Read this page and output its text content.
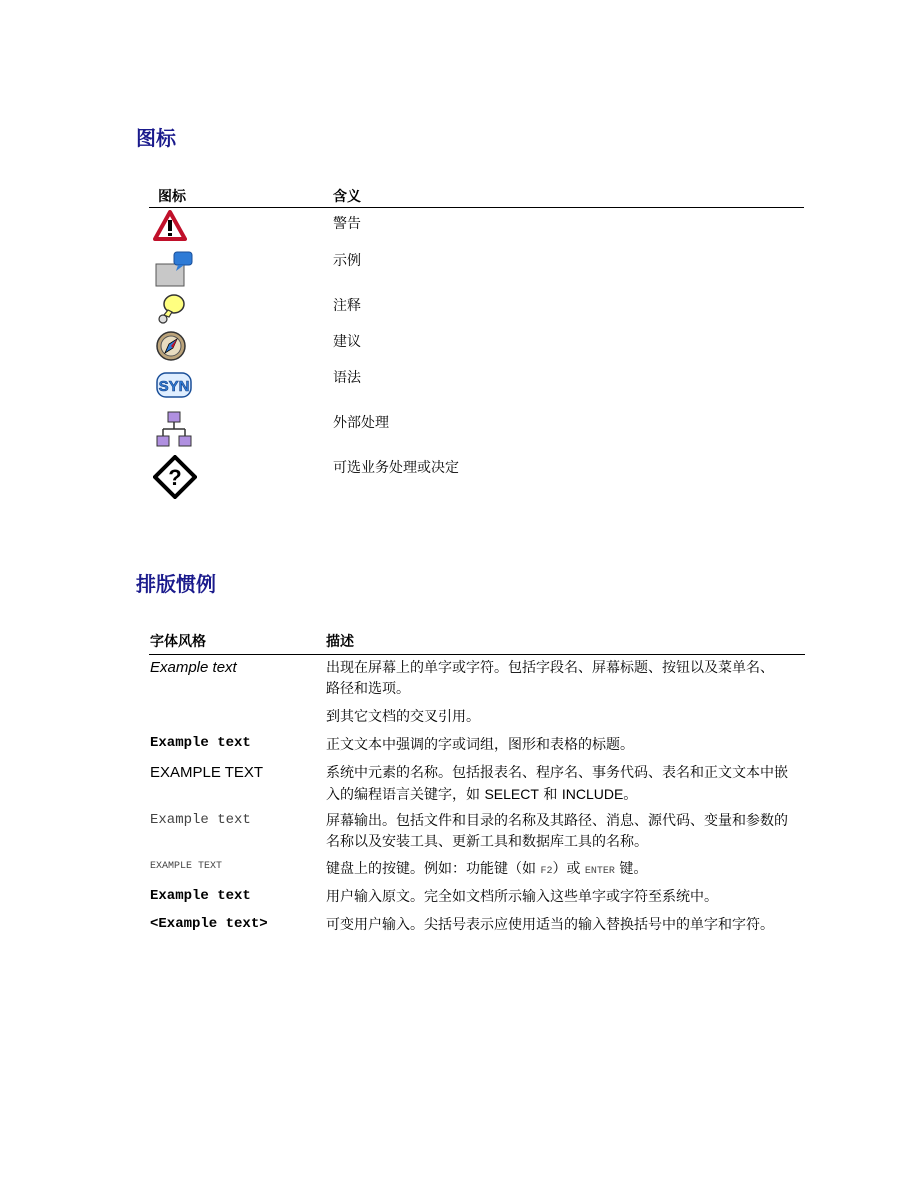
图标
图标	含义
警告
示例
注释
建议
SYN	语法
外部处理
?	可选业务处理或决定
排版惯例
字体风格	描述
Example text	出现在屏幕上的单字或字符。包括字段名、屏幕标题、按钮以及菜单名、路径和选项。
到其它文档的交叉引用。
Example text	正文文本中强调的字或词组，图形和表格的标题。
EXAMPLE TEXT	系统中元素的名称。包括报表名、程序名、事务代码、表名和正文文本中嵌入的编程语言关键字，如 SELECT 和 INCLUDE。
Example text	屏幕输出。包括文件和目录的名称及其路径、消息、源代码、变量和参数的名称以及安装工具、更新工具和数据库工具的名称。
EXAMPLE TEXT	键盘上的按键。例如：功能键（如 F2）或 ENTER 键。
Example text	用户输入原文。完全如文档所示输入这些单字或字符至系统中。
<Example text>	可变用户输入。尖括号表示应使用适当的输入替换括号中的单字和字符。
